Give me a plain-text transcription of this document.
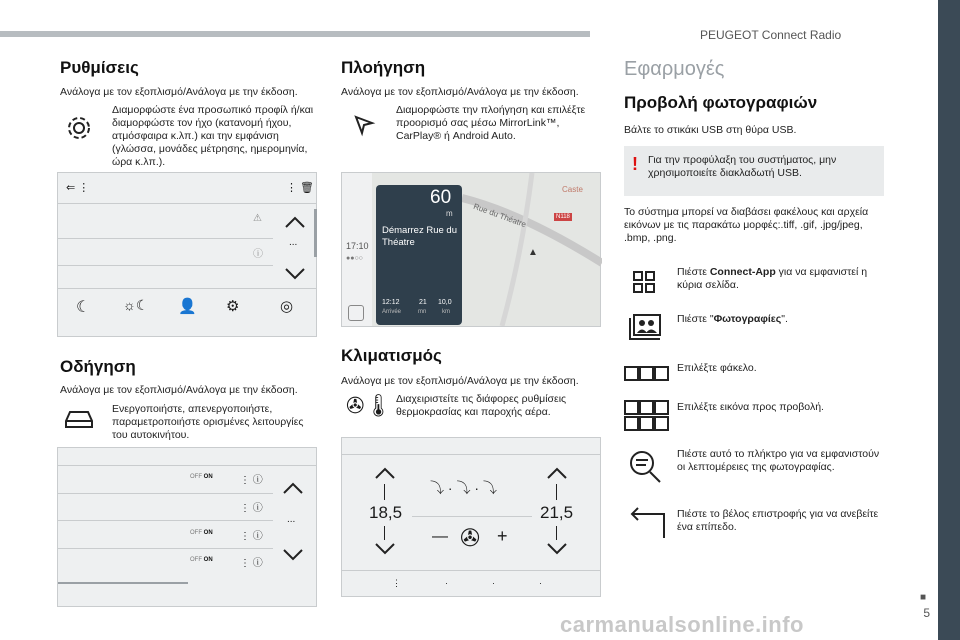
PEUGEOT Connect Radio
Ρυθμίσεις
Ανάλογα με τον εξοπλισμό/Ανάλογα με την έκδοση.
Διαμορφώστε ένα προσωπικό προφίλ ή/και διαμορφώστε τον ήχο (κατανομή ήχου, ατμόσφαιρα κ.λπ.) και την εμφάνιση (γλώσσα, μονάδες μέτρησης, ημερομηνία, ώρα κ.λπ.).
⇐ ⋮	⋮ 🗑
⚠
ⓘ
...
☾ ☼☾ 👤 ⚙	◎
Οδήγηση
Ανάλογα με τον εξοπλισμό/Ανάλογα με την έκδοση.
Ενεργοποιήστε, απενεργοποιήστε, παραμετροποιήστε ορισμένες λειτουργίες του αυτοκινήτου.
OFF ON	⋮ ⓘ
⋮ ⓘ
OFF ON	⋮ ⓘ
OFF ON	⋮ ⓘ
...
Πλοήγηση
Ανάλογα με τον εξοπλισμό/Ανάλογα με την έκδοση.
Διαμορφώστε την πλοήγηση και επιλέξτε προορισμό σας μέσω MirrorLink™, CarPlay® ή Android Auto.
17:10
●●○○
Caste
N118
Rue du Théatre
▲
60
m
Démarrez Rue du Théatre
12:12
Arrivée
21
mn
10,0
km
Κλιματισμός
Ανάλογα με τον εξοπλισμό/Ανάλογα με την έκδοση.
✇🌡 Διαχειριστείτε τις διάφορες ρυθμίσεις θερμοκρασίας και παροχής αέρα.
18,5	21,5
⤵ · ⤵ · ⤵
— ✇ +
⋮···
Εφαρμογές
Προβολή φωτογραφιών
Βάλτε το στικάκι USB στη θύρα USB.
! Για την προφύλαξη του συστήματος, μην χρησιμοποιείτε διακλαδωτή USB.
Το σύστημα μπορεί να διαβάσει φακέλους και αρχεία εικόνων με τις παρακάτω μορφές:.tiff, .gif, .jpg/jpeg, .bmp, .png.
Πιέστε Connect-App για να εμφανιστεί η κύρια σελίδα.
Πιέστε "Φωτογραφίες".
Επιλέξτε φάκελο.
Επιλέξτε εικόνα προς προβολή.
Πιέστε αυτό το πλήκτρο για να εμφανιστούν οι λεπτομέρειες της φωτογραφίας.
Πιέστε το βέλος επιστροφής για να ανεβείτε ένα επίπεδο.
■
5
carmanualsonline.info
